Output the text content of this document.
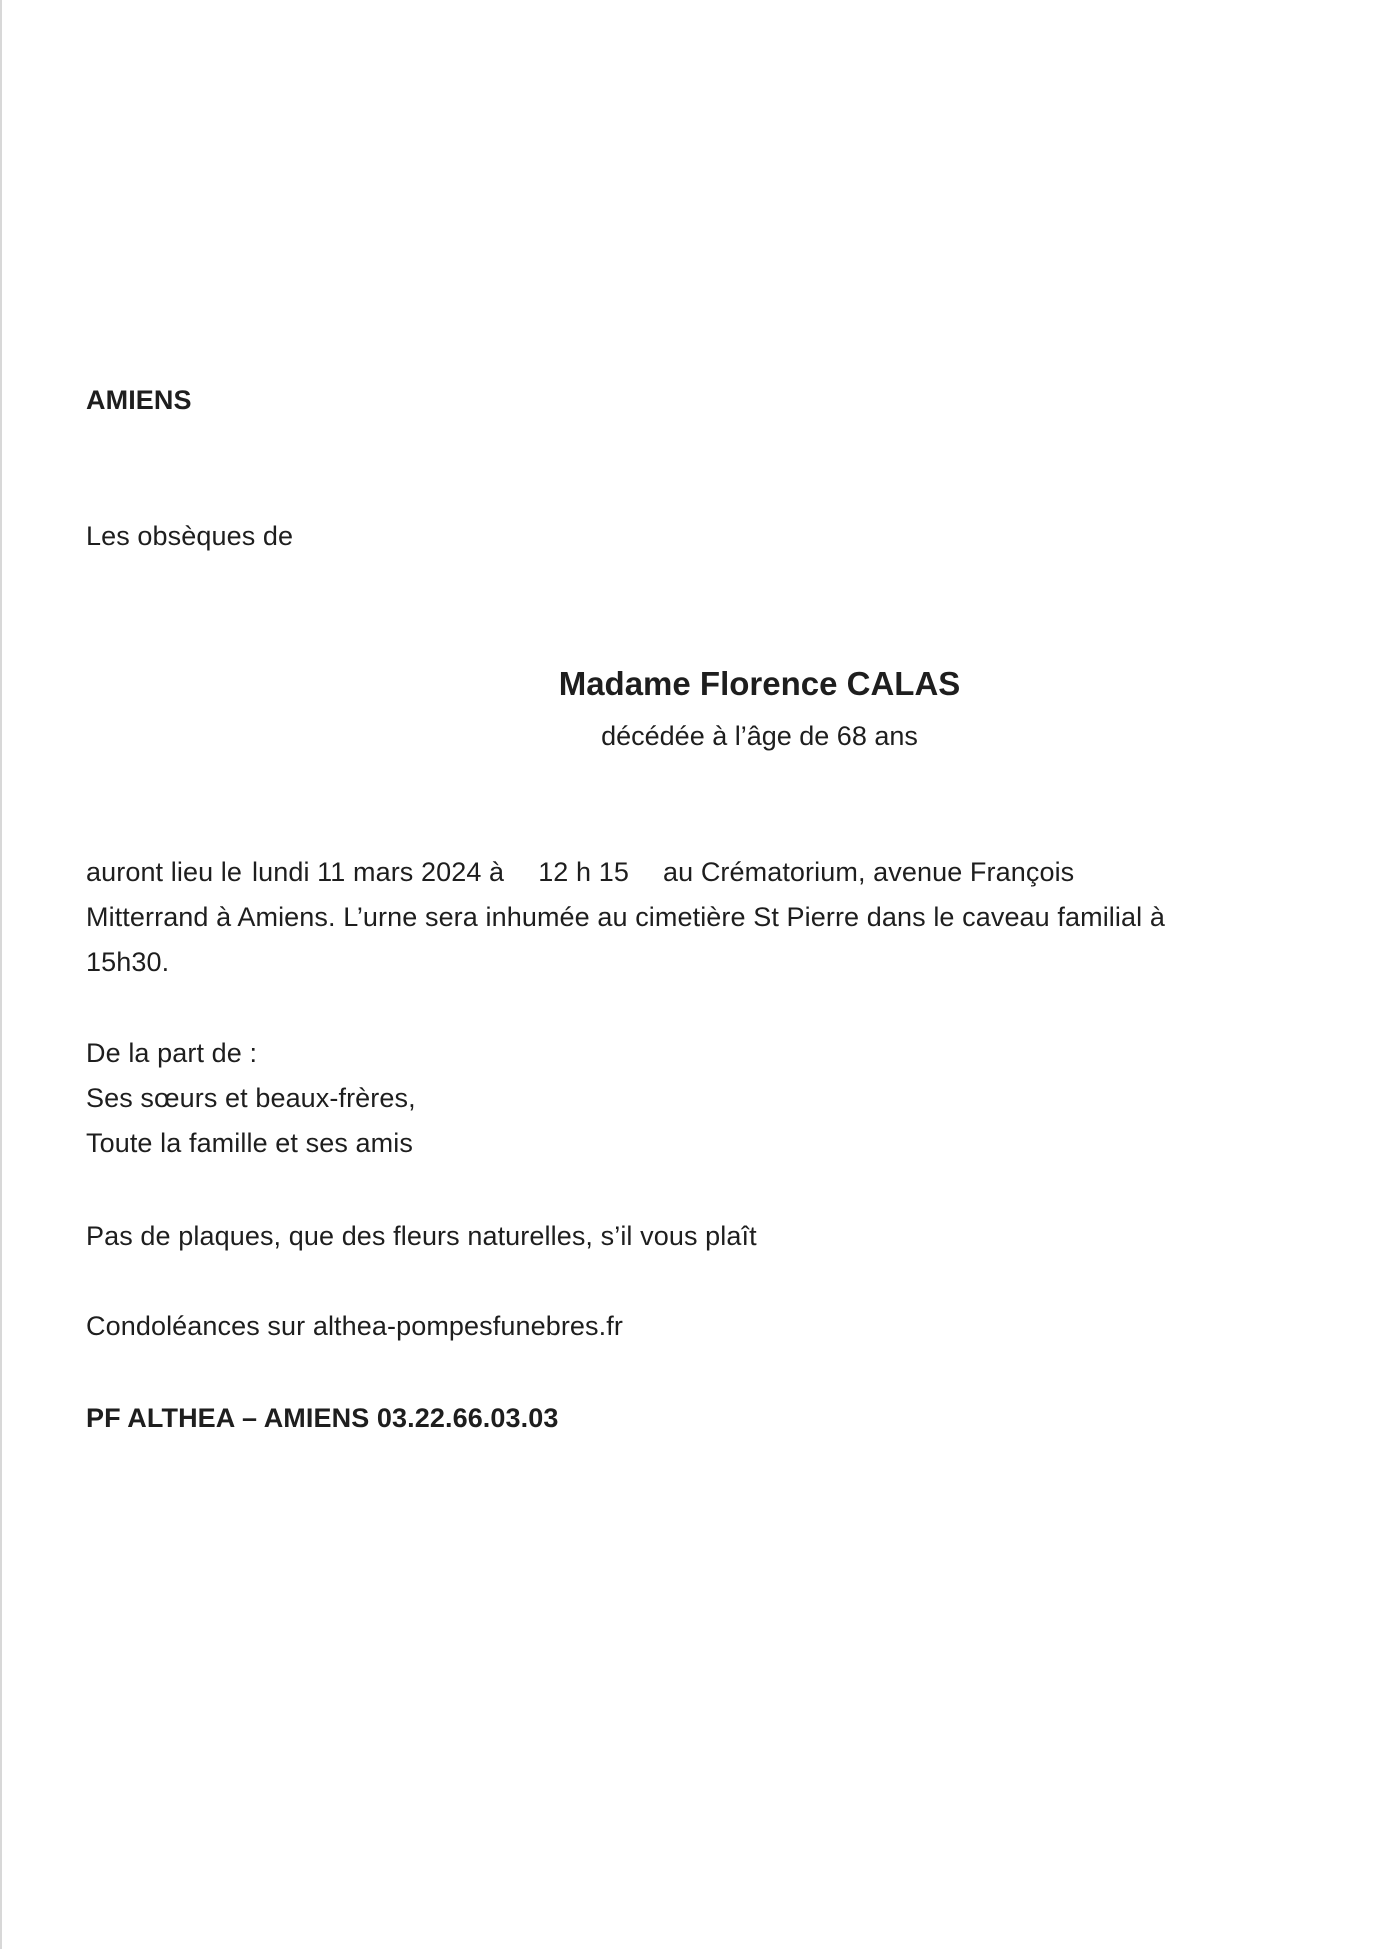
AMIENS
Les obsèques de
Madame Florence CALAS
décédée à l’âge de 68 ans
auront lieu le lundi 11 mars 2024 à 12 h 15 au Crématorium, avenue François
Mitterrand à Amiens. L’urne sera inhumée au cimetière St Pierre dans le caveau familial à
15h30.
De la part de :
Ses sœurs et beaux-frères,
Toute la famille et ses amis
Pas de plaques, que des fleurs naturelles, s’il vous plaît
Condoléances sur althea-pompesfunebres.fr
PF ALTHEA – AMIENS 03.22.66.03.03
